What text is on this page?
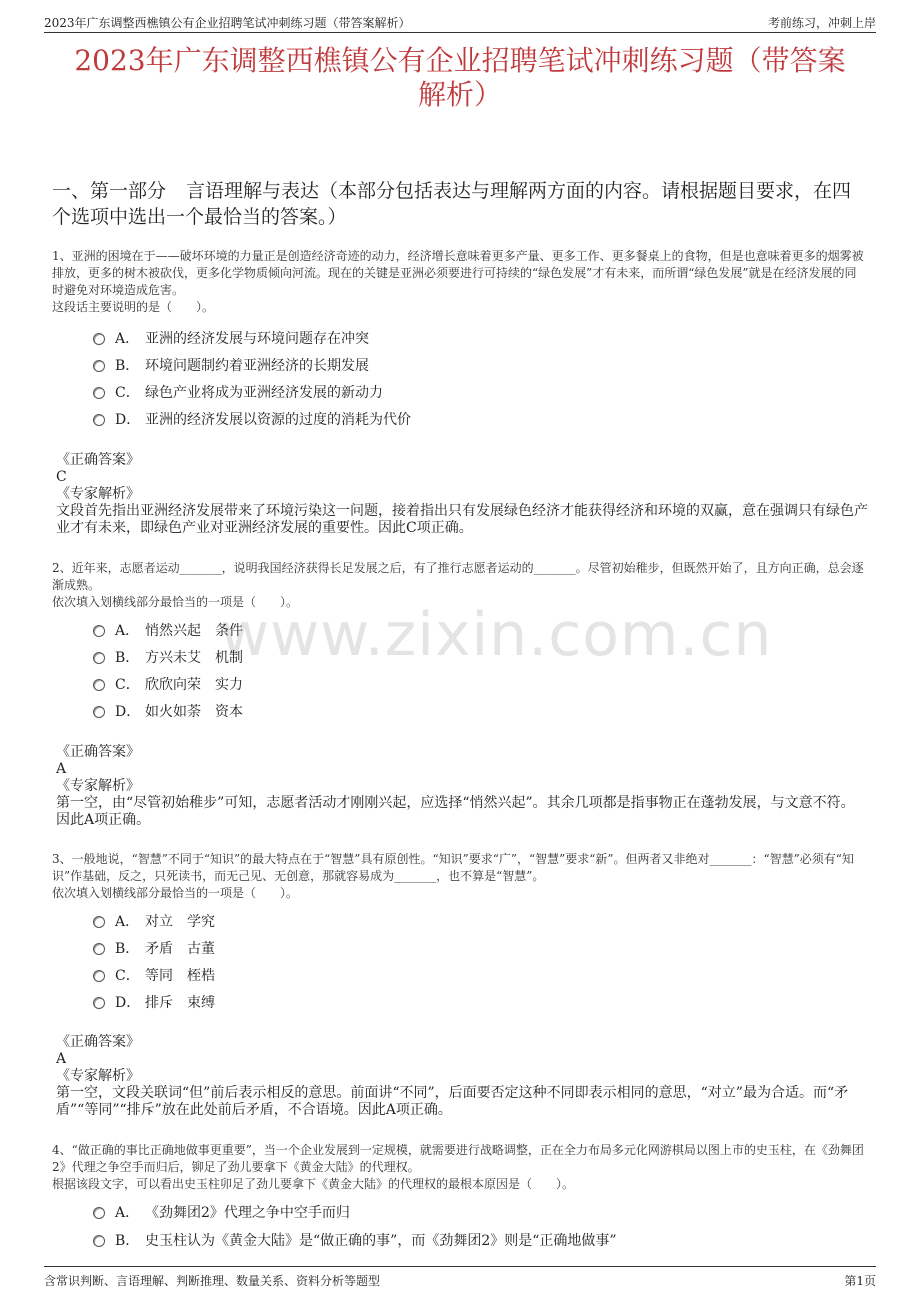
2023年广东调整西樵镇公有企业招聘笔试冲刺练习题（带答案解析）	考前练习，冲刺上岸
2023年广东调整西樵镇公有企业招聘笔试冲刺练习题（带答案
解析）
一、第一部分 言语理解与表达（本部分包括表达与理解两方面的内容。请根据题目要求，在四个选项中选出一个最恰当的答案。）
www.zixin.com.cn

1、亚洲的困境在于——破坏环境的力量正是创造经济奇迹的动力，经济增长意味着更多产量、更多工作、更多餐桌上的食物，但是也意味着更多的烟雾被排放，更多的树木被砍伐，更多化学物质倾向河流。现在的关键是亚洲必须要进行可持续的“绿色发展”才有未来，而所谓“绿色发展”就是在经济发展的同时避免对环境造成危害。

这段话主要说明的是（　　）。

A． 亚洲的经济发展与环境问题存在冲突
B． 环境问题制约着亚洲经济的长期发展
C． 绿色产业将成为亚洲经济发展的新动力
D． 亚洲的经济发展以资源的过度的消耗为代价

《正确答案》

C

《专家解析》

文段首先指出亚洲经济发展带来了环境污染这一问题，接着指出只有发展绿色经济才能获得经济和环境的双赢，意在强调只有绿色产业才有未来，即绿色产业对亚洲经济发展的重要性。因此C项正确。

2、近年来，志愿者运动_______，说明我国经济获得长足发展之后，有了推行志愿者运动的_______。尽管初始稚步，但既然开始了，且方向正确，总会逐渐成熟。

依次填入划横线部分最恰当的一项是（　　）。

A． 悄然兴起　条件
B． 方兴未艾　机制
C． 欣欣向荣　实力
D． 如火如荼　资本

《正确答案》

A

《专家解析》

第一空，由“尽管初始稚步”可知，志愿者活动才刚刚兴起，应选择“悄然兴起”。其余几项都是指事物正在蓬勃发展，与文意不符。因此A项正确。

3、一般地说，“智慧”不同于“知识”的最大特点在于“智慧”具有原创性。“知识”要求“广”，“智慧”要求“新”。但两者又非绝对_______：“智慧”必须有“知识”作基础，反之，只死读书，而无己见、无创意，那就容易成为_______，也不算是“智慧”。

依次填入划横线部分最恰当的一项是（　　）。

A． 对立　学究
B． 矛盾　古董
C． 等同　桎梏
D． 排斥　束缚

《正确答案》

A

《专家解析》

第一空，文段关联词“但”前后表示相反的意思。前面讲“不同”，后面要否定这种不同即表示相同的意思，“对立”最为合适。而“矛盾”“等同”“排斥”放在此处前后矛盾，不合语境。因此A项正确。

4、“做正确的事比正确地做事更重要”，当一个企业发展到一定规模，就需要进行战略调整，正在全力布局多元化网游棋局以图上市的史玉柱，在《劲舞团2》代理之争空手而归后，铆足了劲儿要拿下《黄金大陆》的代理权。

根据该段文字，可以看出史玉柱卯足了劲儿要拿下《黄金大陆》的代理权的最根本原因是（　　）。

A． 《劲舞团2》代理之争中空手而归
B． 史玉柱认为《黄金大陆》是“做正确的事”，而《劲舞团2》则是“正确地做事”
含常识判断、言语理解、判断推理、数量关系、资料分析等题型	第1页
